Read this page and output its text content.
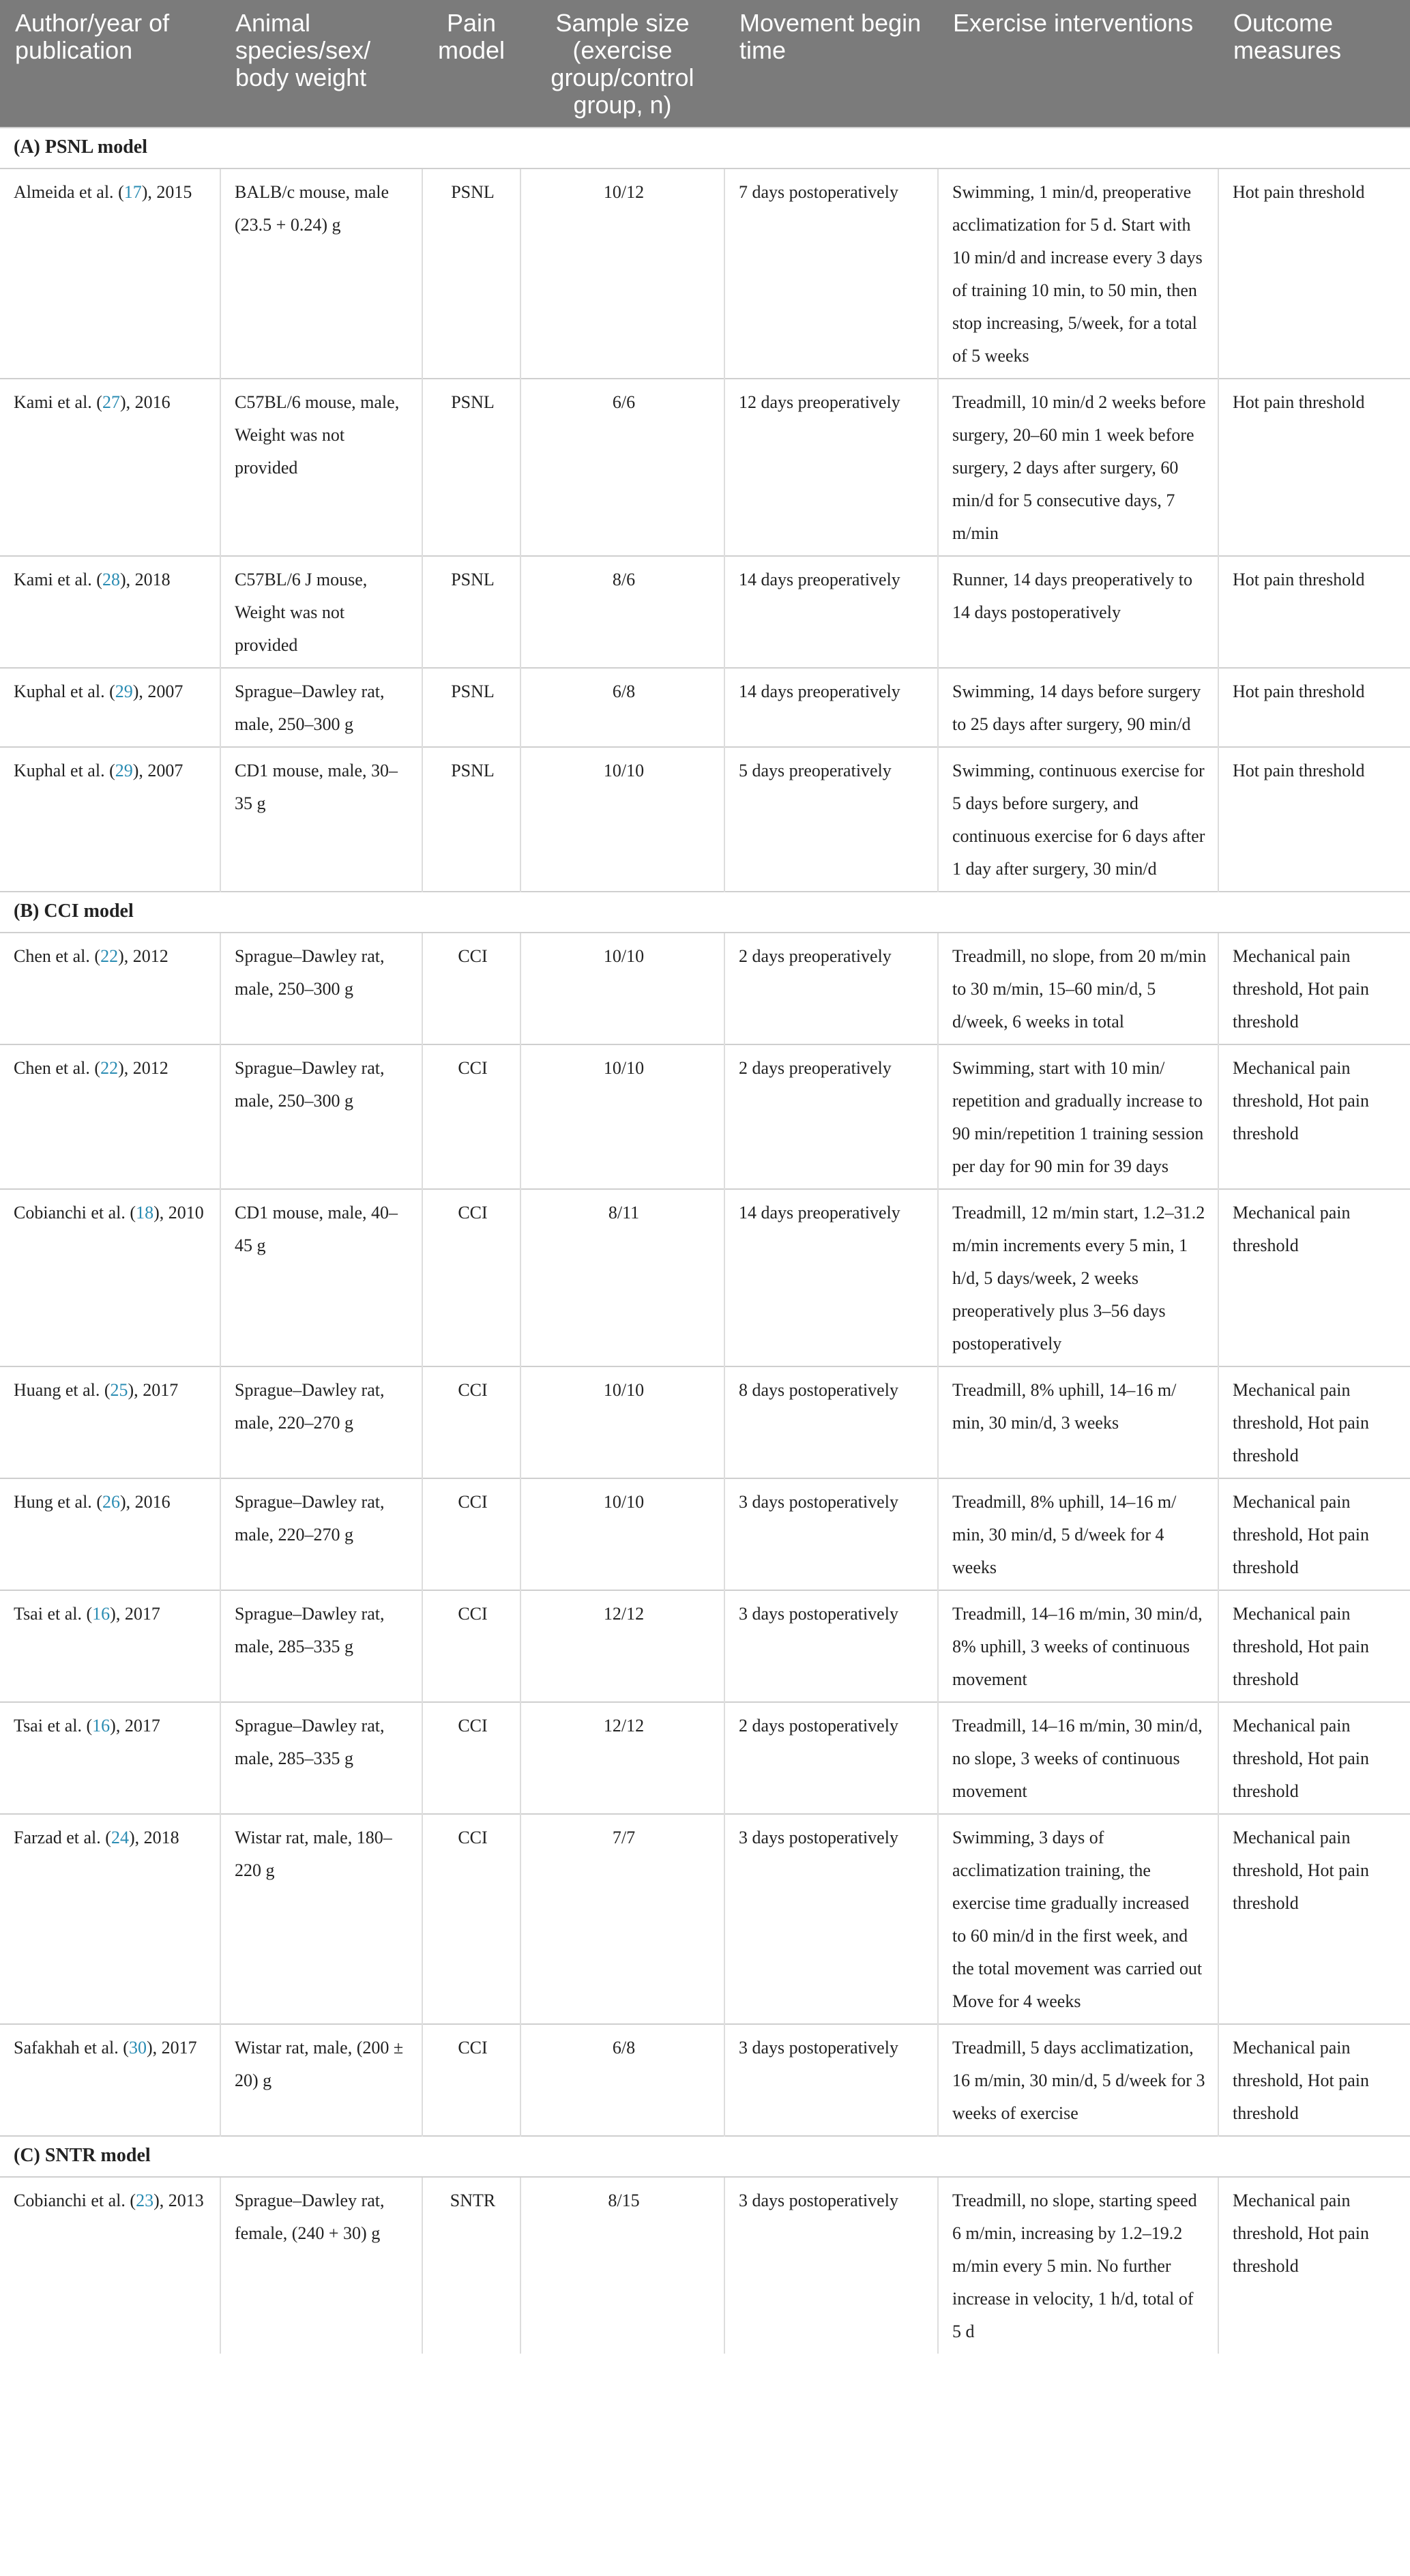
Author/year of publication	Animal species/sex/ body weight	Pain model	Sample size (exercise group/control group, n)	Movement begin time	Exercise interventions	Outcome measures
(A) PSNL model						
Almeida et al. (17), 2015	BALB/c mouse, male (23.5 + 0.24) g	PSNL	10/12	7 days postoperatively	Swimming, 1 min/d, preoperative acclimatization for 5 d. Start with 10 min/d and increase every 3 days of training 10 min, to 50 min, then stop increasing, 5/week, for a total of 5 weeks	Hot pain threshold
Kami et al. (27), 2016	C57BL/6 mouse, male, Weight was not provided	PSNL	6/6	12 days preoperatively	Treadmill, 10 min/d 2 weeks before surgery, 20–60 min 1 week before surgery, 2 days after surgery, 60 min/d for 5 consecutive days, 7 m/min	Hot pain threshold
Kami et al. (28), 2018	C57BL/6 J mouse, Weight was not provided	PSNL	8/6	14 days preoperatively	Runner, 14 days preoperatively to 14 days postoperatively	Hot pain threshold
Kuphal et al. (29), 2007	Sprague–Dawley rat, male, 250–300 g	PSNL	6/8	14 days preoperatively	Swimming, 14 days before surgery to 25 days after surgery, 90 min/d	Hot pain threshold
Kuphal et al. (29), 2007	CD1 mouse, male, 30–35 g	PSNL	10/10	5 days preoperatively	Swimming, continuous exercise for 5 days before surgery, and continuous exercise for 6 days after 1 day after surgery, 30 min/d	Hot pain threshold
(B) CCI model						
Chen et al. (22), 2012	Sprague–Dawley rat, male, 250–300 g	CCI	10/10	2 days preoperatively	Treadmill, no slope, from 20 m/min to 30 m/min, 15–60 min/d, 5 d/week, 6 weeks in total	Mechanical pain threshold, Hot pain threshold
Chen et al. (22), 2012	Sprague–Dawley rat, male, 250–300 g	CCI	10/10	2 days preoperatively	Swimming, start with 10 min/ repetition and gradually increase to 90 min/repetition 1 training session per day for 90 min for 39 days	Mechanical pain threshold, Hot pain threshold
Cobianchi et al. (18), 2010	CD1 mouse, male, 40–45 g	CCI	8/11	14 days preoperatively	Treadmill, 12 m/min start, 1.2–31.2 m/min increments every 5 min, 1 h/d, 5 days/week, 2 weeks preoperatively plus 3–56 days postoperatively	Mechanical pain threshold
Huang et al. (25), 2017	Sprague–Dawley rat, male, 220–270 g	CCI	10/10	8 days postoperatively	Treadmill, 8% uphill, 14–16 m/ min, 30 min/d, 3 weeks	Mechanical pain threshold, Hot pain threshold
Hung et al. (26), 2016	Sprague–Dawley rat, male, 220–270 g	CCI	10/10	3 days postoperatively	Treadmill, 8% uphill, 14–16 m/ min, 30 min/d, 5 d/week for 4 weeks	Mechanical pain threshold, Hot pain threshold
Tsai et al. (16), 2017	Sprague–Dawley rat, male, 285–335 g	CCI	12/12	3 days postoperatively	Treadmill, 14–16 m/min, 30 min/d, 8% uphill, 3 weeks of continuous movement	Mechanical pain threshold, Hot pain threshold
Tsai et al. (16), 2017	Sprague–Dawley rat, male, 285–335 g	CCI	12/12	2 days postoperatively	Treadmill, 14–16 m/min, 30 min/d, no slope, 3 weeks of continuous movement	Mechanical pain threshold, Hot pain threshold
Farzad et al. (24), 2018	Wistar rat, male, 180–220 g	CCI	7/7	3 days postoperatively	Swimming, 3 days of acclimatization training, the exercise time gradually increased to 60 min/d in the first week, and the total movement was carried out Move for 4 weeks	Mechanical pain threshold, Hot pain threshold
Safakhah et al. (30), 2017	Wistar rat, male, (200 ± 20) g	CCI	6/8	3 days postoperatively	Treadmill, 5 days acclimatization, 16 m/min, 30 min/d, 5 d/week for 3 weeks of exercise	Mechanical pain threshold, Hot pain threshold
(C) SNTR model						
Cobianchi et al. (23), 2013	Sprague–Dawley rat, female, (240 + 30) g	SNTR	8/15	3 days postoperatively	Treadmill, no slope, starting speed 6 m/min, increasing by 1.2–19.2 m/min every 5 min. No further increase in velocity, 1 h/d, total of 5 d	Mechanical pain threshold, Hot pain threshold
